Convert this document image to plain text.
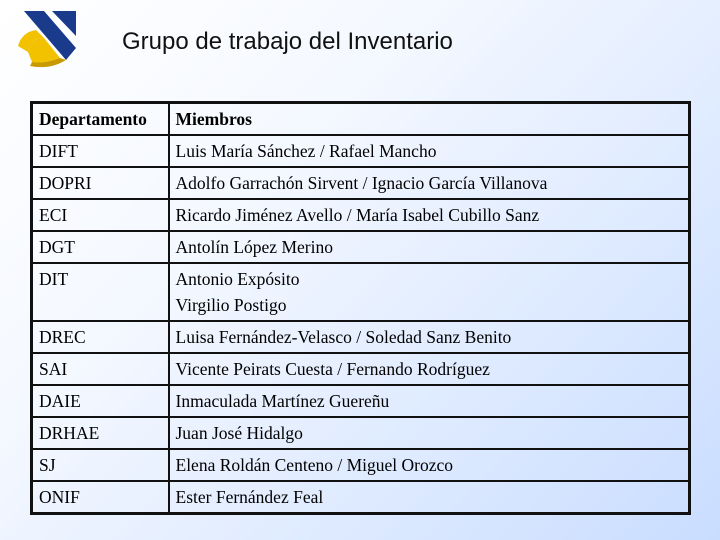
Grupo de trabajo del Inventario
Departamento	Miembros
DIFT	Luis María Sánchez / Rafael Mancho

DOPRI	Adolfo Garrachón Sirvent / Ignacio García Villanova

ECI	Ricardo Jiménez Avello / María Isabel Cubillo Sanz

DGT	Antolín López Merino

DIT	Antonio Expósito
Virgilio Postigo

DREC	Luisa Fernández-Velasco / Soledad Sanz Benito

SAI	Vicente Peirats Cuesta / Fernando Rodríguez

DAIE	Inmaculada Martínez Guereñu

DRHAE	Juan José Hidalgo

SJ	Elena Roldán Centeno / Miguel Orozco

ONIF	Ester Fernández Feal
